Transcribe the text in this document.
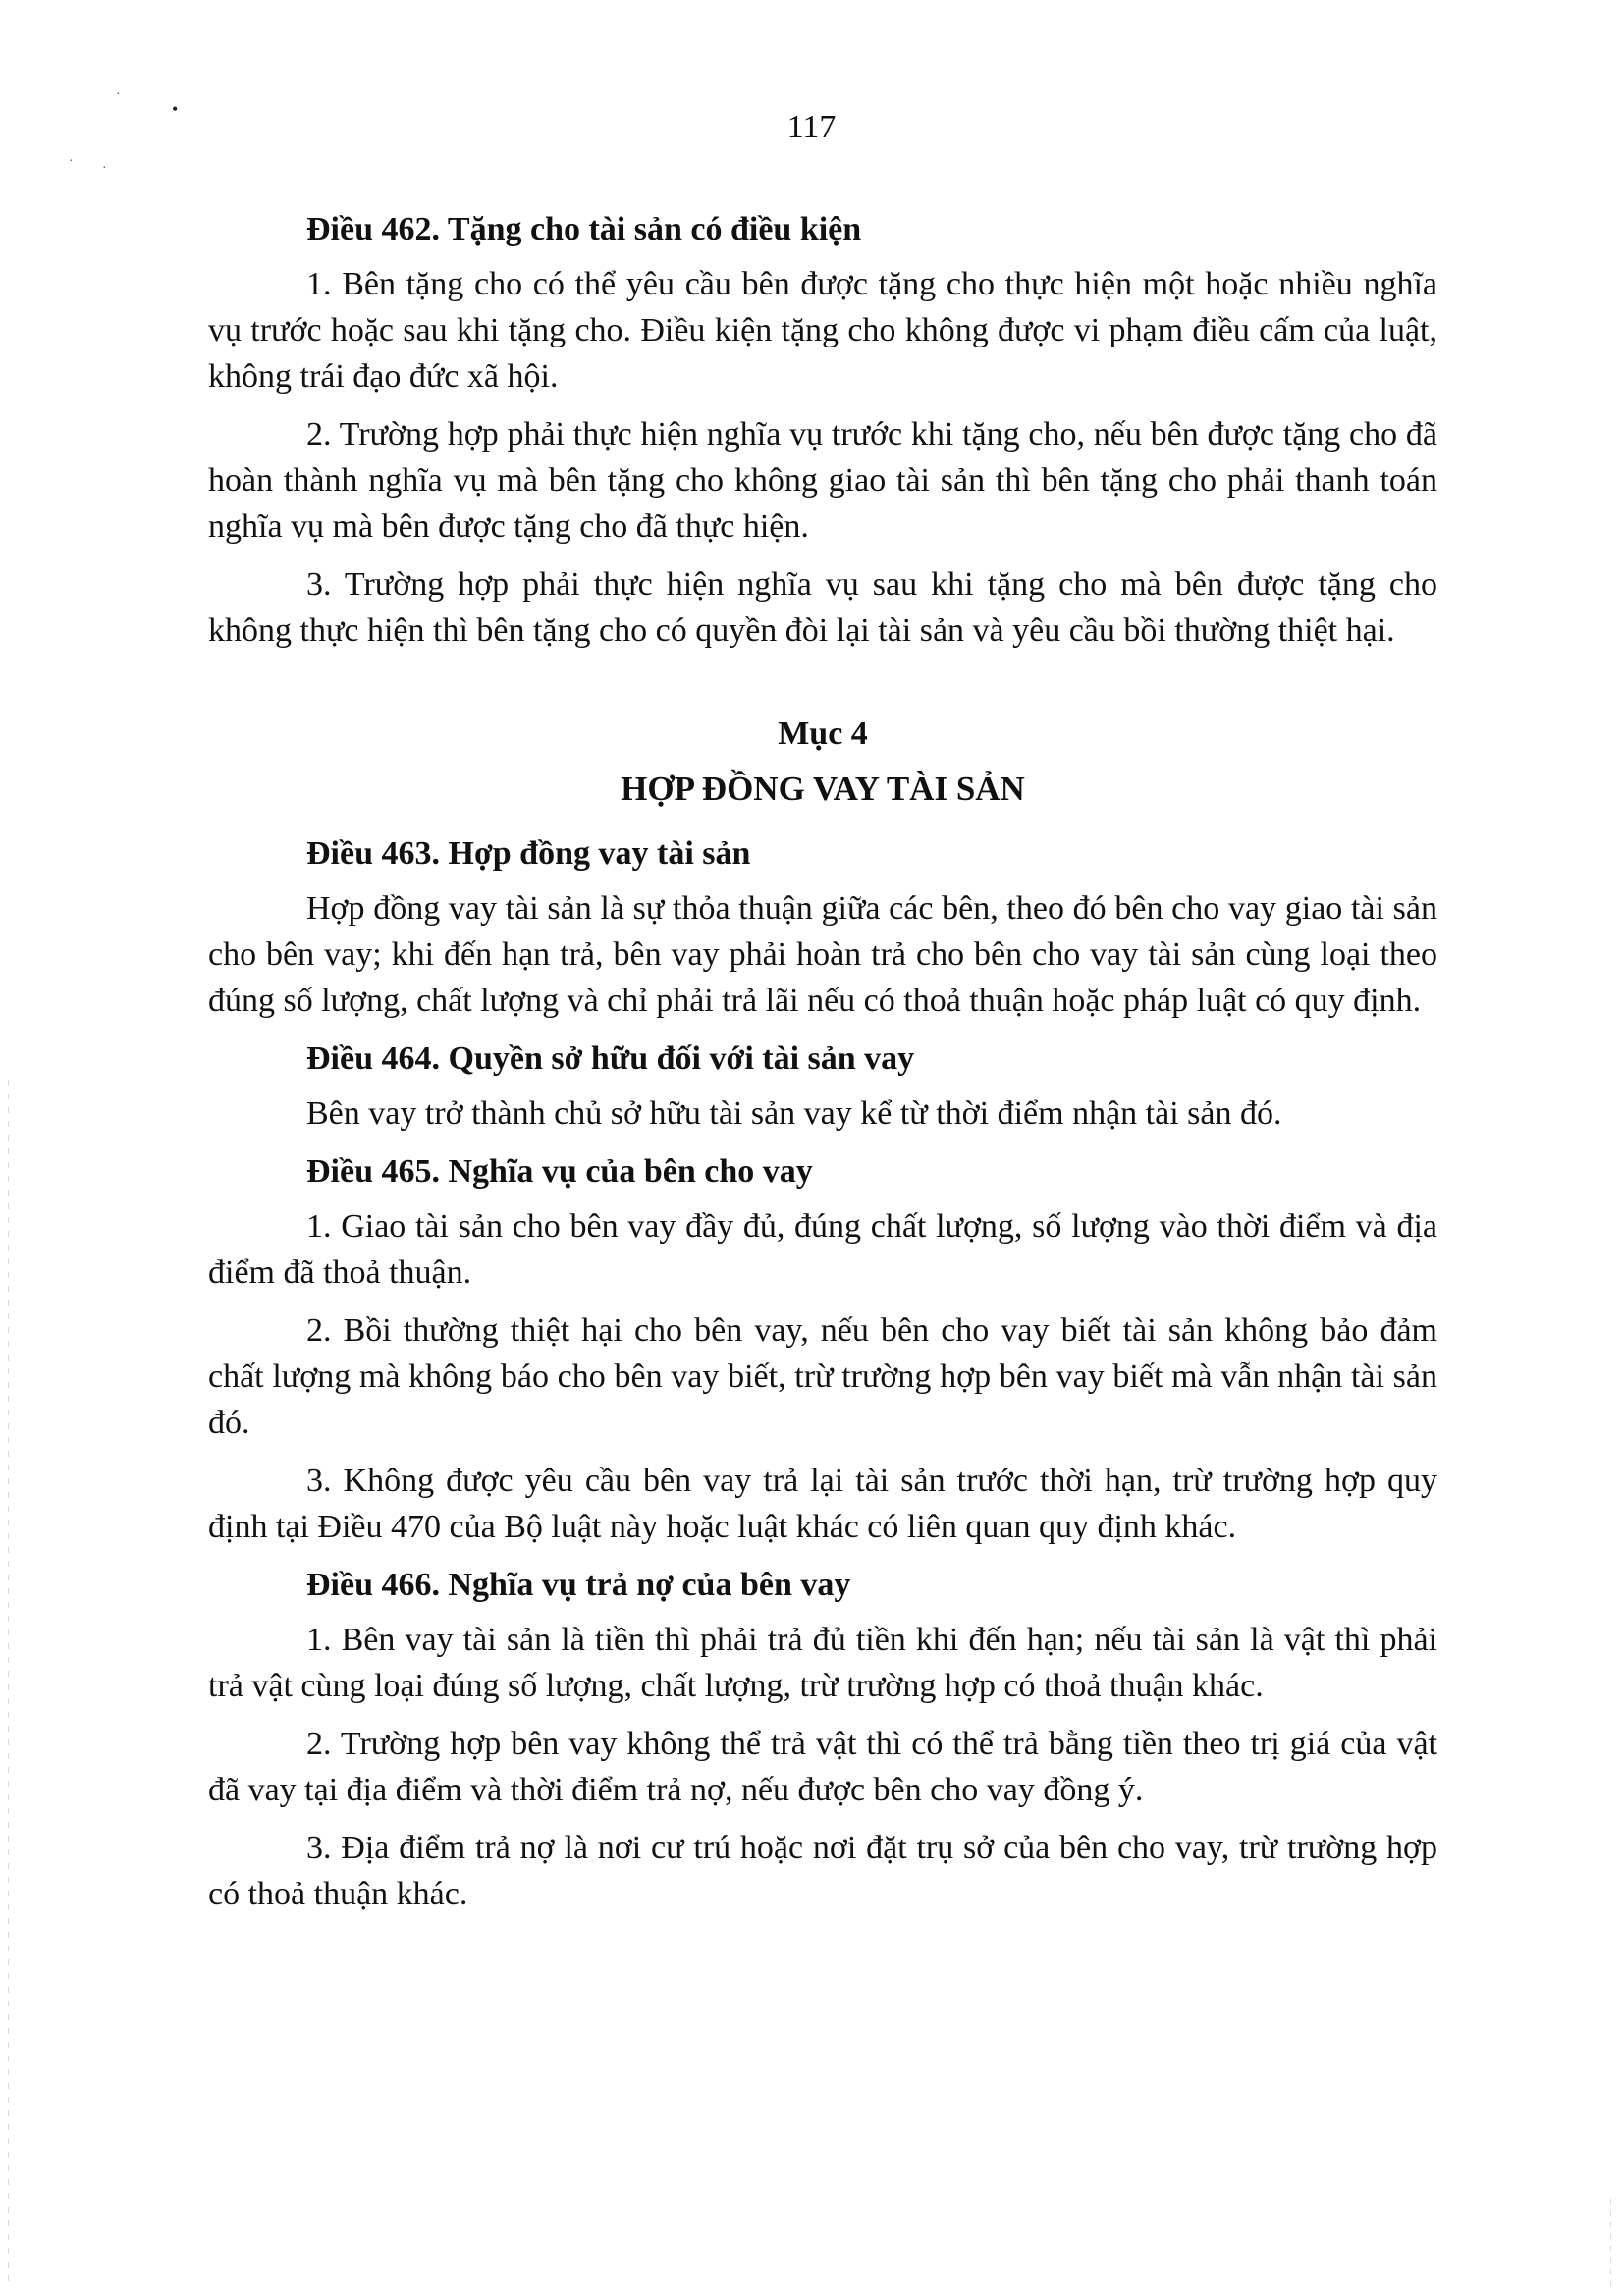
•
·
· ·
117
Điều 462. Tặng cho tài sản có điều kiện

1. Bên tặng cho có thể yêu cầu bên được tặng cho thực hiện một hoặc nhiều nghĩa vụ trước hoặc sau khi tặng cho. Điều kiện tặng cho không được vi phạm điều cấm của luật, không trái đạo đức xã hội.

2. Trường hợp phải thực hiện nghĩa vụ trước khi tặng cho, nếu bên được tặng cho đã hoàn thành nghĩa vụ mà bên tặng cho không giao tài sản thì bên tặng cho phải thanh toán nghĩa vụ mà bên được tặng cho đã thực hiện.

3. Trường hợp phải thực hiện nghĩa vụ sau khi tặng cho mà bên được tặng cho không thực hiện thì bên tặng cho có quyền đòi lại tài sản và yêu cầu bồi thường thiệt hại.

Mục 4

HỢP ĐỒNG VAY TÀI SẢN

Điều 463. Hợp đồng vay tài sản

Hợp đồng vay tài sản là sự thỏa thuận giữa các bên, theo đó bên cho vay giao tài sản cho bên vay; khi đến hạn trả, bên vay phải hoàn trả cho bên cho vay tài sản cùng loại theo đúng số lượng, chất lượng và chỉ phải trả lãi nếu có thoả thuận hoặc pháp luật có quy định.

Điều 464. Quyền sở hữu đối với tài sản vay

Bên vay trở thành chủ sở hữu tài sản vay kể từ thời điểm nhận tài sản đó.

Điều 465. Nghĩa vụ của bên cho vay

1. Giao tài sản cho bên vay đầy đủ, đúng chất lượng, số lượng vào thời điểm và địa điểm đã thoả thuận.

2. Bồi thường thiệt hại cho bên vay, nếu bên cho vay biết tài sản không bảo đảm chất lượng mà không báo cho bên vay biết, trừ trường hợp bên vay biết mà vẫn nhận tài sản đó.

3. Không được yêu cầu bên vay trả lại tài sản trước thời hạn, trừ trường hợp quy định tại Điều 470 của Bộ luật này hoặc luật khác có liên quan quy định khác.

Điều 466. Nghĩa vụ trả nợ của bên vay

1. Bên vay tài sản là tiền thì phải trả đủ tiền khi đến hạn; nếu tài sản là vật thì phải trả vật cùng loại đúng số lượng, chất lượng, trừ trường hợp có thoả thuận khác.

2. Trường hợp bên vay không thể trả vật thì có thể trả bằng tiền theo trị giá của vật đã vay tại địa điểm và thời điểm trả nợ, nếu được bên cho vay đồng ý.

3. Địa điểm trả nợ là nơi cư trú hoặc nơi đặt trụ sở của bên cho vay, trừ trường hợp có thoả thuận khác.
